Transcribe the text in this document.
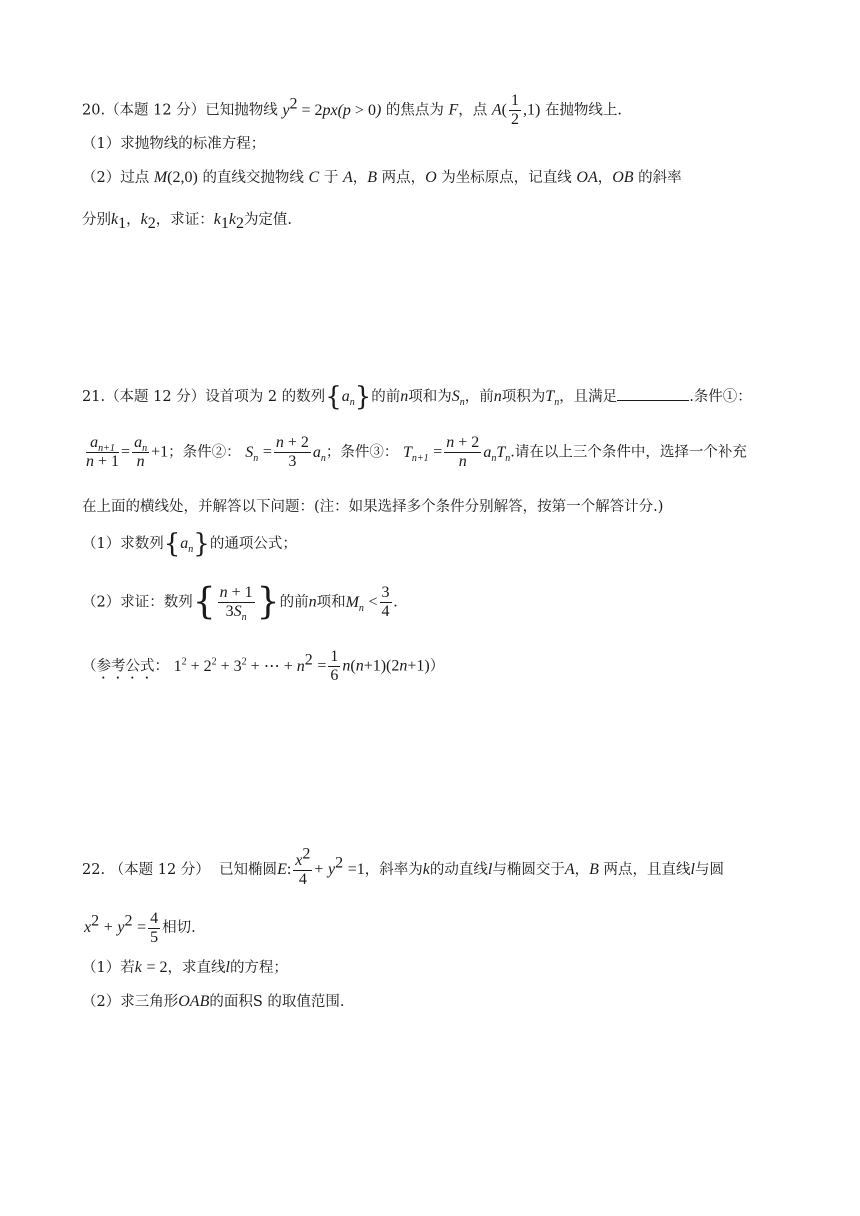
20.（本题 12 分）已知抛物线 $y^2 = 2px(p > 0)$ 的焦点为 F，点 $A( \frac{1}{2} ,1)$ 在抛物线上.
（1）求抛物线的标准方程；
（2）过点 M(2,0) 的直线交抛物线 C 于 A，B 两点，O 为坐标原点，记直线 OA，OB 的斜率
分别$k_1$，$k_2$，求证：$k_1k_2$为定值.
21.（本题 12 分）设首项为 2 的数列$\{a_n\}$的前n项和为$S_n$，前n项积为$T_n$，且满足	.条件①：
$\frac{a_{n+1}}{n + 1} = \frac{a_n}{n} +1$；条件②： $S_n = \frac{n + 2}{3} a_n$；条件③： $T_{n+1} = \frac{n + 2}{n} a_nT_n$.请在以上三个条件中，选择一个补充
在上面的横线处，并解答以下问题：(注：如果选择多个条件分别解答，按第一个解答计分.)
（1）求数列$\{a_n\}$的通项公式；
（2）求证：数列{ $\frac{n + 1}{3S_n}$ }的前n项和$M_n < \frac{3}{4}$ .
（参考公式： $1^2 + 2^2 + 3^2$ + ⋯ + $n^2 = \frac{1}{6} n(n+1)(2n+1)$）
22. （本题 12 分） 已知椭圆E: $\frac{x^2}{4} + y^2 =1$，斜率为k的动直线l与椭圆交于A，B 两点，且直线l与圆
$x^2 + y^2 = \frac{4}{5}$ 相切.
（1）若k = 2，求直线l的方程；
（2）求三角形OAB的面积S 的取值范围.
